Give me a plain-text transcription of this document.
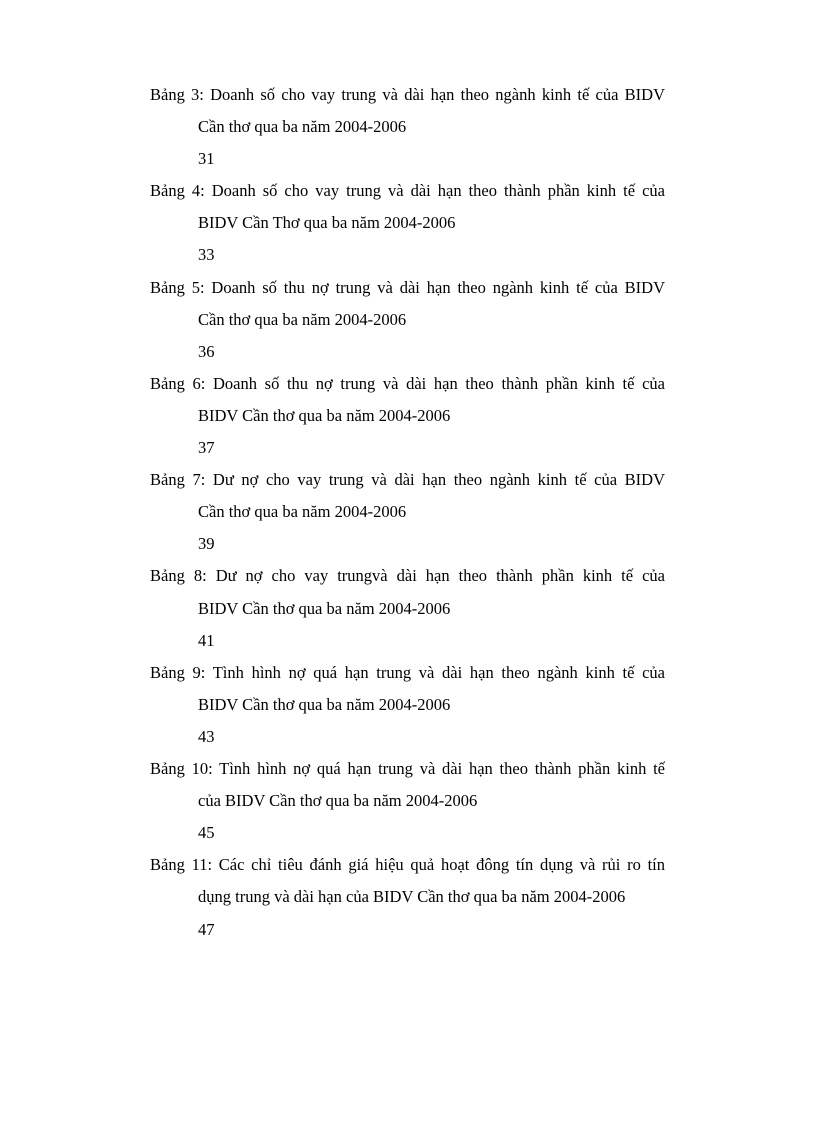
Bảng 3: Doanh số cho vay trung và dài hạn theo ngành kinh tế của BIDV
Cần thơ qua ba năm 2004-2006
31
Bảng 4: Doanh số cho vay trung và dài hạn theo thành phần kinh tế của
BIDV Cần Thơ qua ba năm 2004-2006
33
Bảng 5: Doanh số thu nợ trung và dài hạn theo ngành kinh tế của BIDV
Cần thơ qua ba năm 2004-2006
36
Bảng 6: Doanh số thu nợ trung và dài hạn theo thành phần kinh tế của
BIDV Cần thơ qua ba năm 2004-2006
37
Bảng 7: Dư nợ cho vay trung và dài hạn theo ngành kinh tế của BIDV
Cần thơ qua ba năm 2004-2006
39
Bảng 8: Dư nợ cho vay trungvà dài hạn theo thành phần kinh tế của
BIDV Cần thơ qua ba năm 2004-2006
41
Bảng 9: Tình hình nợ quá hạn trung và dài hạn theo ngành kinh tế của
BIDV Cần thơ qua ba năm 2004-2006
43
Bảng 10: Tình hình nợ quá hạn trung và dài hạn theo thành phần kinh tế
của BIDV Cần thơ qua ba năm 2004-2006
45
Bảng 11: Các chỉ tiêu đánh giá hiệu quả hoạt đông tín dụng và rủi ro tín
dụng trung và dài hạn của BIDV Cần thơ qua ba năm 2004-2006
47
